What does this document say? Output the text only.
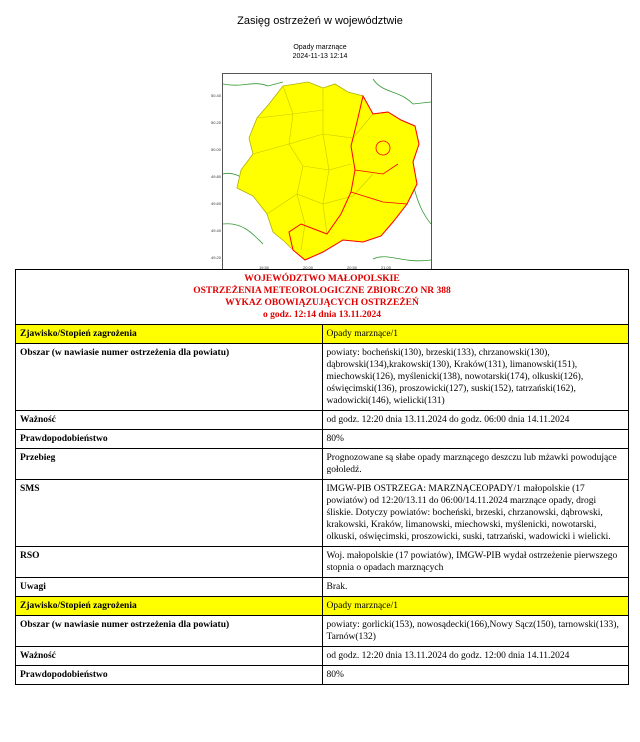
Zasięg ostrzeżeń w województwie
Opady marznące
2024-11-13 12:14
50.40
50.20
50.00
49.80
49.60
49.40
49.20
19.50	20.00	20.50	21.00
WOJEWÓDZTWO MAŁOPOLSKIE
OSTRZEŻENIA METEOROLOGICZNE ZBIORCZO NR 388
WYKAZ OBOWIĄZUJĄCYCH OSTRZEŻEŃ
o godz. 12:14 dnia 13.11.2024	

Zjawisko/Stopień zagrożenia	Opady marznące/1
Obszar (w nawiasie numer ostrzeżenia dla powiatu)	powiaty: bocheński(130), brzeski(133), chrzanowski(130), dąbrowski(134),krakowski(130), Kraków(131), limanowski(151), miechowski(126), myślenicki(138), nowotarski(174), olkuski(126), oświęcimski(136), proszowicki(127), suski(152), tatrzański(162), wadowicki(146), wielicki(131)
Ważność	od godz. 12:20 dnia 13.11.2024 do godz. 06:00 dnia 14.11.2024
Prawdopodobieństwo	80%
Przebieg	Prognozowane są słabe opady marznącego deszczu lub mżawki powodujące gołoledź.
SMS	IMGW-PIB OSTRZEGA: MARZNĄCEOPADY/1 małopolskie (17 powiatów) od 12:20/13.11 do 06:00/14.11.2024 marznące opady, drogi śliskie. Dotyczy powiatów: bocheński, brzeski, chrzanowski, dąbrowski, krakowski, Kraków, limanowski, miechowski, myślenicki, nowotarski, olkuski, oświęcimski, proszowicki, suski, tatrzański, wadowicki i wielicki.
RSO	Woj. małopolskie (17 powiatów), IMGW-PIB wydał ostrzeżenie pierwszego stopnia o opadach marznących
Uwagi	Brak.
Zjawisko/Stopień zagrożenia	Opady marznące/1
Obszar (w nawiasie numer ostrzeżenia dla powiatu)	powiaty: gorlicki(153), nowosądecki(166),Nowy Sącz(150), tarnowski(133), Tarnów(132)
Ważność	od godz. 12:20 dnia 13.11.2024 do godz. 12:00 dnia 14.11.2024
Prawdopodobieństwo	80%
